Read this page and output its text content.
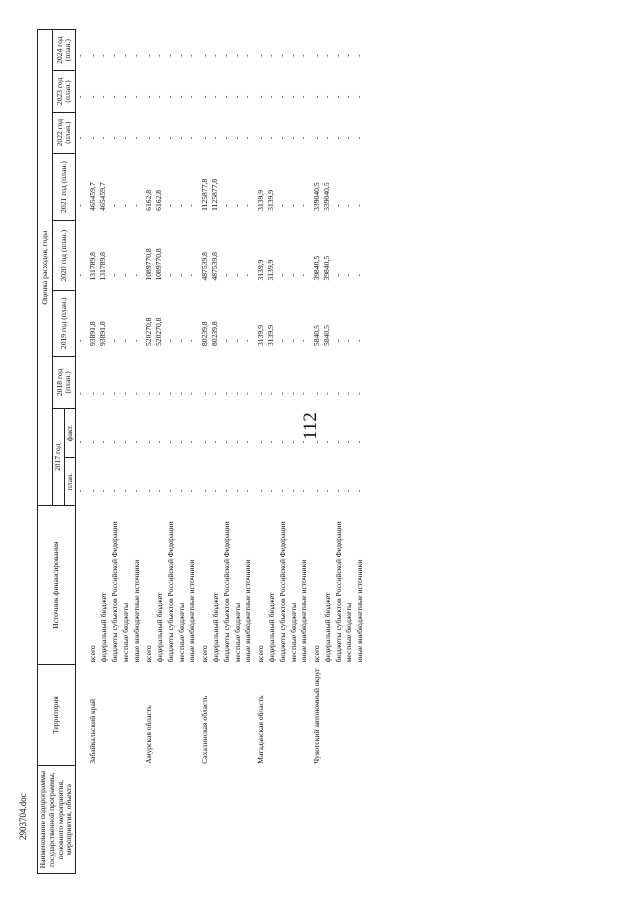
112
2903704.doc Наименование подпрограммы государственной программы, основного мероприятия, мероприятия, объекта	Территория	Источник финансирования	Оценка расходов, годы								
			2017 год		2018 год (план.)	2019 год (план.)	2020 год (план.)	2021 год (план.)	2022 год (план.)	2023 год (план.)	2024 год (план.)
			план.	факт.							
			-	-	-	-	-	-	-	-	-
	Забайкальский край	всего	-	-	-	93891,8	131789,8	465459,7	-	-	-
		федеральный бюджет	-	-	-	93891,8	131789,8	465459,7	-	-	-
		бюджеты субъектов Российской Федерации	-	-	-	-	-	-	-	-	-
		местные бюджеты	-	-	-	-	-	-	-	-	-
		иные внебюджетные источники	-	-	-	-	-	-	-	-	-
	Амурская область	всего	-	-	-	520270,8	1089770,8	6162,8	-	-	-
		федеральный бюджет	-	-	-	520270,8	1089770,8	6162,8	-	-	-
		бюджеты субъектов Российской Федерации	-	-	-	-	-	-	-	-	-
		местные бюджеты	-	-	-	-	-	-	-	-	-
		иные внебюджетные источники	-	-	-	-	-	-	-	-	-
	Сахалинская область	всего	-	-	-	80239,8	487539,8	1125877,8	-	-	-
		федеральный бюджет	-	-	-	80239,8	487539,8	1125877,8	-	-	-
		бюджеты субъектов Российской Федерации	-	-	-	-	-	-	-	-	-
		местные бюджеты	-	-	-	-	-	-	-	-	-
		иные внебюджетные источники	-	-	-	-	-	-	-	-	-
	Магаданская область	всего	-	-	-	3139,9	3139,9	3139,9	-	-	-
		федеральный бюджет	-	-	-	3139,9	3139,9	3139,9	-	-	-
		бюджеты субъектов Российской Федерации	-	-	-	-	-	-	-	-	-
		местные бюджеты	-	-	-	-	-	-	-	-	-
		иные внебюджетные источники	-	-	-	-	-	-	-	-	-
	Чукотский автономный округ	всего	-	-	-	5840,5	39840,5	339040,5	-	-	-
		федеральный бюджет	-	-	-	5840,5	39840,5	339040,5	-	-	-
		бюджеты субъектов Российской Федерации	-	-	-	-	-	-	-	-	-
		местные бюджеты	-	-	-	-	-	-	-	-	-
		иные внебюджетные источники	-	-	-	-	-	-	-	-	-
